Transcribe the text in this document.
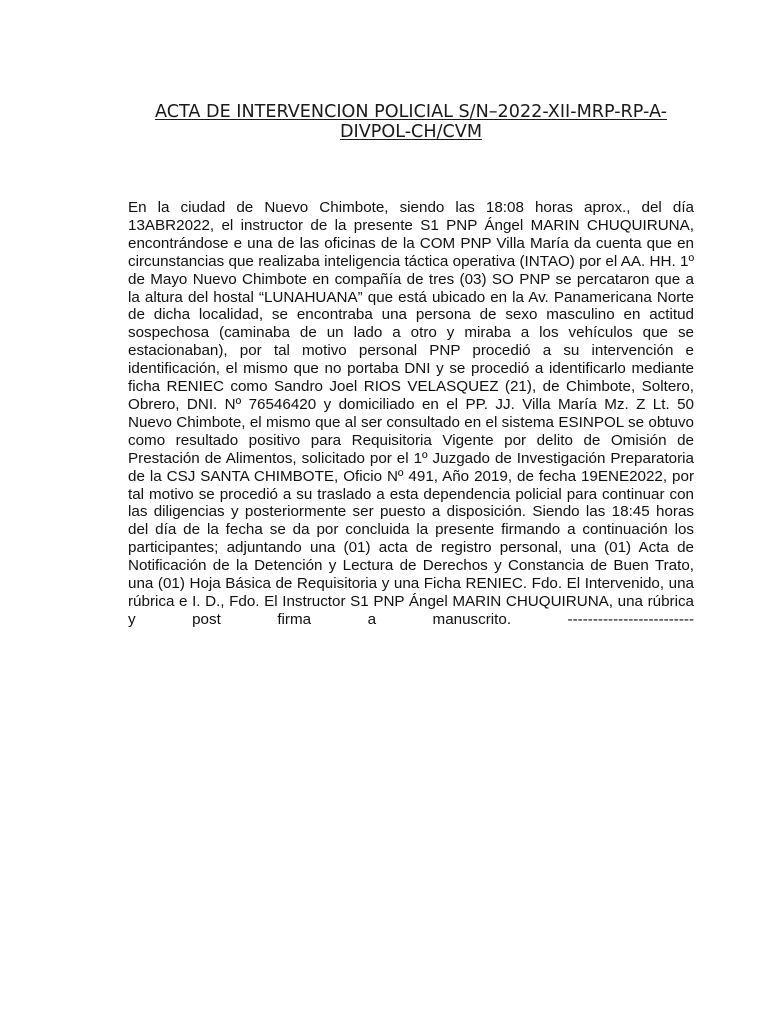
ACTA DE INTERVENCION POLICIAL S/N–2022-XII-MRP-RP-A-DIVPOL-CH/CVM

En la ciudad de Nuevo Chimbote, siendo las 18:08 horas aprox., del día 13ABR2022, el instructor de la presente S1 PNP Ángel MARIN CHUQUIRUNA, encontrándose e una de las oficinas de la COM PNP Villa María da cuenta que en circunstancias que realizaba inteligencia táctica operativa (INTAO) por el AA. HH. 1º de Mayo Nuevo Chimbote en compañía de tres (03) SO PNP se percataron que a la altura del hostal “LUNAHUANA” que está ubicado en la Av. Panamericana Norte de dicha localidad, se encontraba una persona de sexo masculino en actitud sospechosa (caminaba de un lado a otro y miraba a los vehículos que se estacionaban), por tal motivo personal PNP procedió a su intervención e identificación, el mismo que no portaba DNI y se procedió a identificarlo mediante ficha RENIEC como Sandro Joel RIOS VELASQUEZ (21), de Chimbote, Soltero, Obrero, DNI. Nº 76546420 y domiciliado en el PP. JJ. Villa María Mz. Z Lt. 50 Nuevo Chimbote, el mismo que al ser consultado en el sistema ESINPOL se obtuvo como resultado positivo para Requisitoria Vigente por delito de Omisión de Prestación de Alimentos, solicitado por el 1º Juzgado de Investigación Preparatoria de la CSJ SANTA CHIMBOTE, Oficio Nº 491, Año 2019, de fecha 19ENE2022, por tal motivo se procedió a su traslado a esta dependencia policial para continuar con las diligencias y posteriormente ser puesto a disposición. Siendo las 18:45 horas del día de la fecha se da por concluida la presente firmando a continuación los participantes; adjuntando una (01) acta de registro personal, una (01) Acta de Notificación de la Detención y Lectura de Derechos y Constancia de Buen Trato, una (01) Hoja Básica de Requisitoria y una Ficha RENIEC. Fdo. El Intervenido, una rúbrica e I. D., Fdo. El Instructor S1 PNP Ángel MARIN CHUQUIRUNA, una rúbrica y post firma a manuscrito. -------------------------
